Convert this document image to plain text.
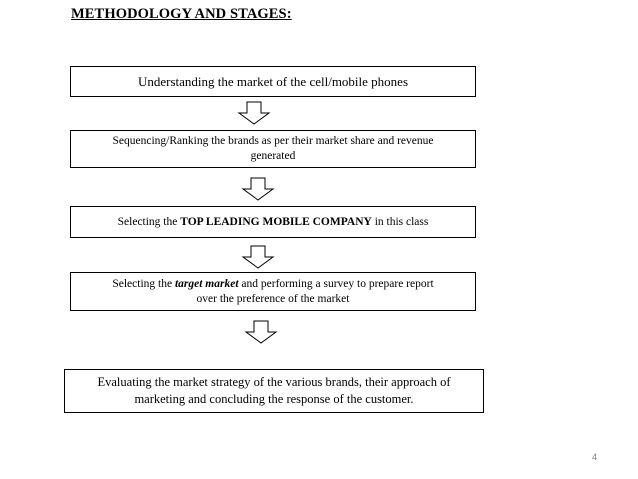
METHODOLOGY AND STAGES:
Understanding the market of the cell/mobile phones
Sequencing/Ranking the brands as per their market share and revenue
generated
Selecting the TOP LEADING MOBILE COMPANY in this class
Selecting the target market and performing a survey to prepare report
over the preference of the market
Evaluating the market strategy of the various brands, their approach of
marketing and concluding the response of the customer.
4
